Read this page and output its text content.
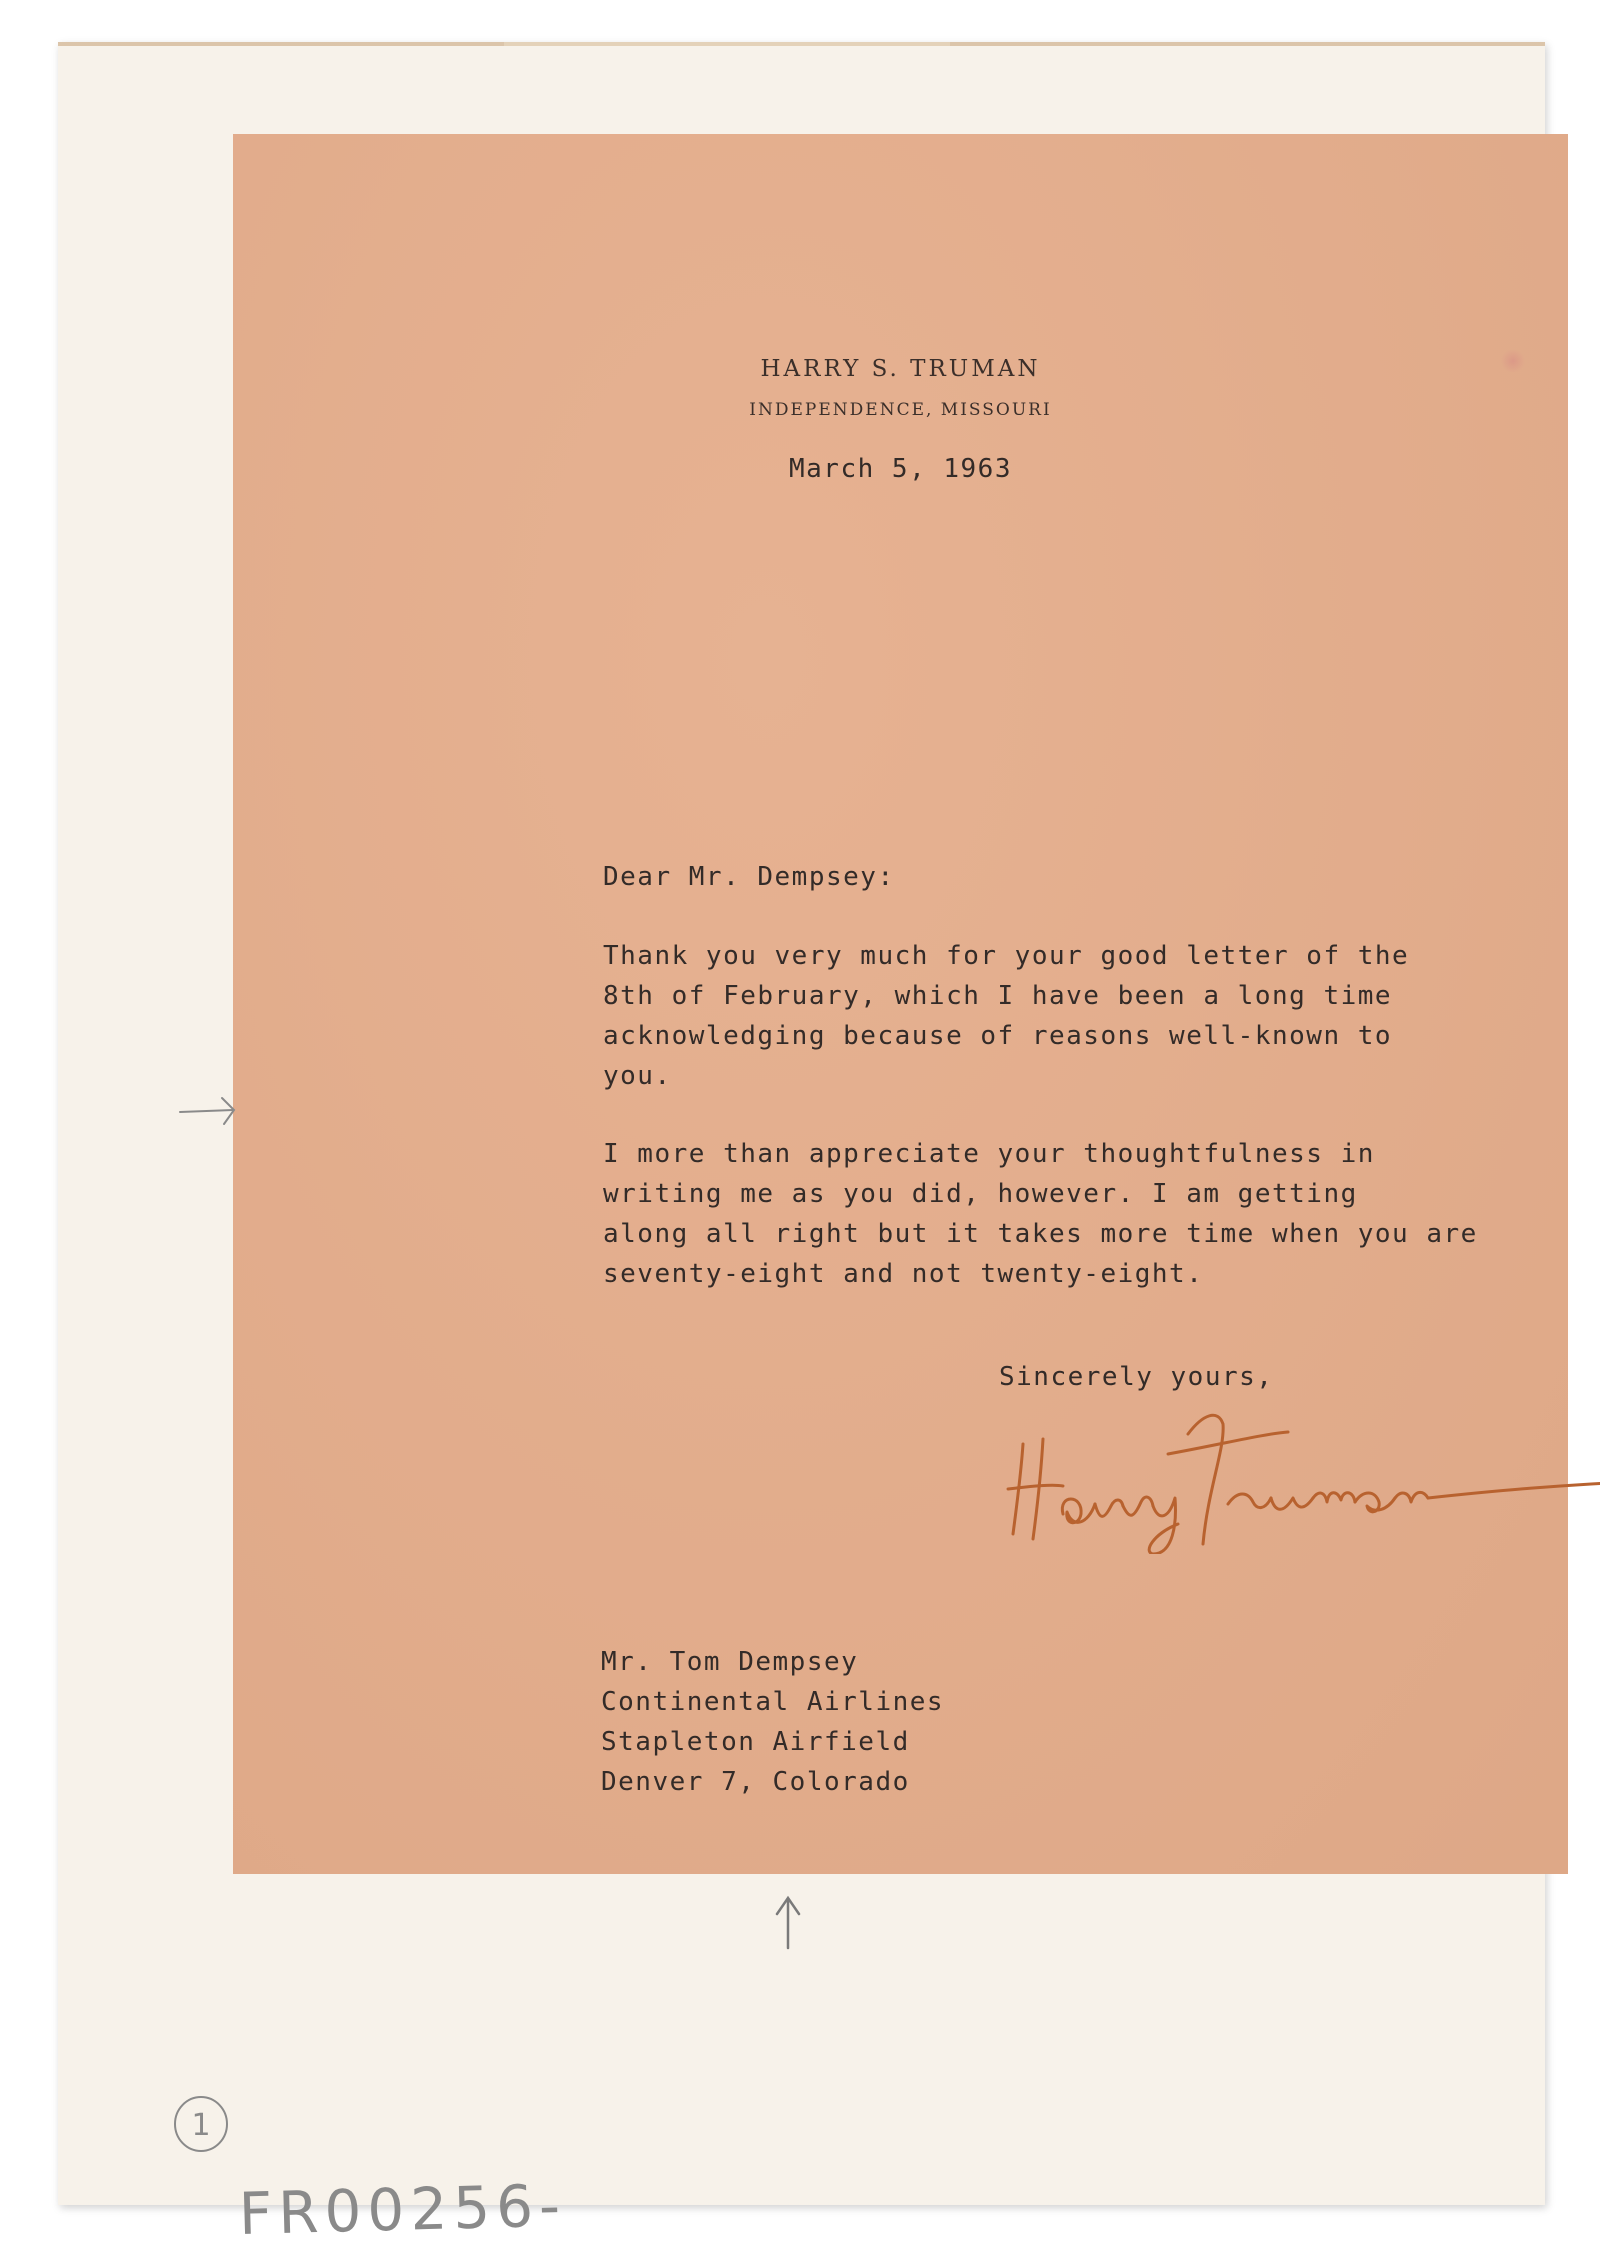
HARRY S. TRUMAN
INDEPENDENCE, MISSOURI
March 5, 1963
Dear Mr. Dempsey:

Thank you very much for your good letter of the
8th of February, which I have been a long time
acknowledging because of reasons well-known to
you.

I more than appreciate your thoughtfulness in
writing me as you did, however. I am getting
along all right but it takes more time when you are
seventy-eight and not twenty-eight.

Sincerely yours,
Mr. Tom Dempsey
Continental Airlines
Stapleton Airfield
Denver 7, Colorado
1
FR00256-
